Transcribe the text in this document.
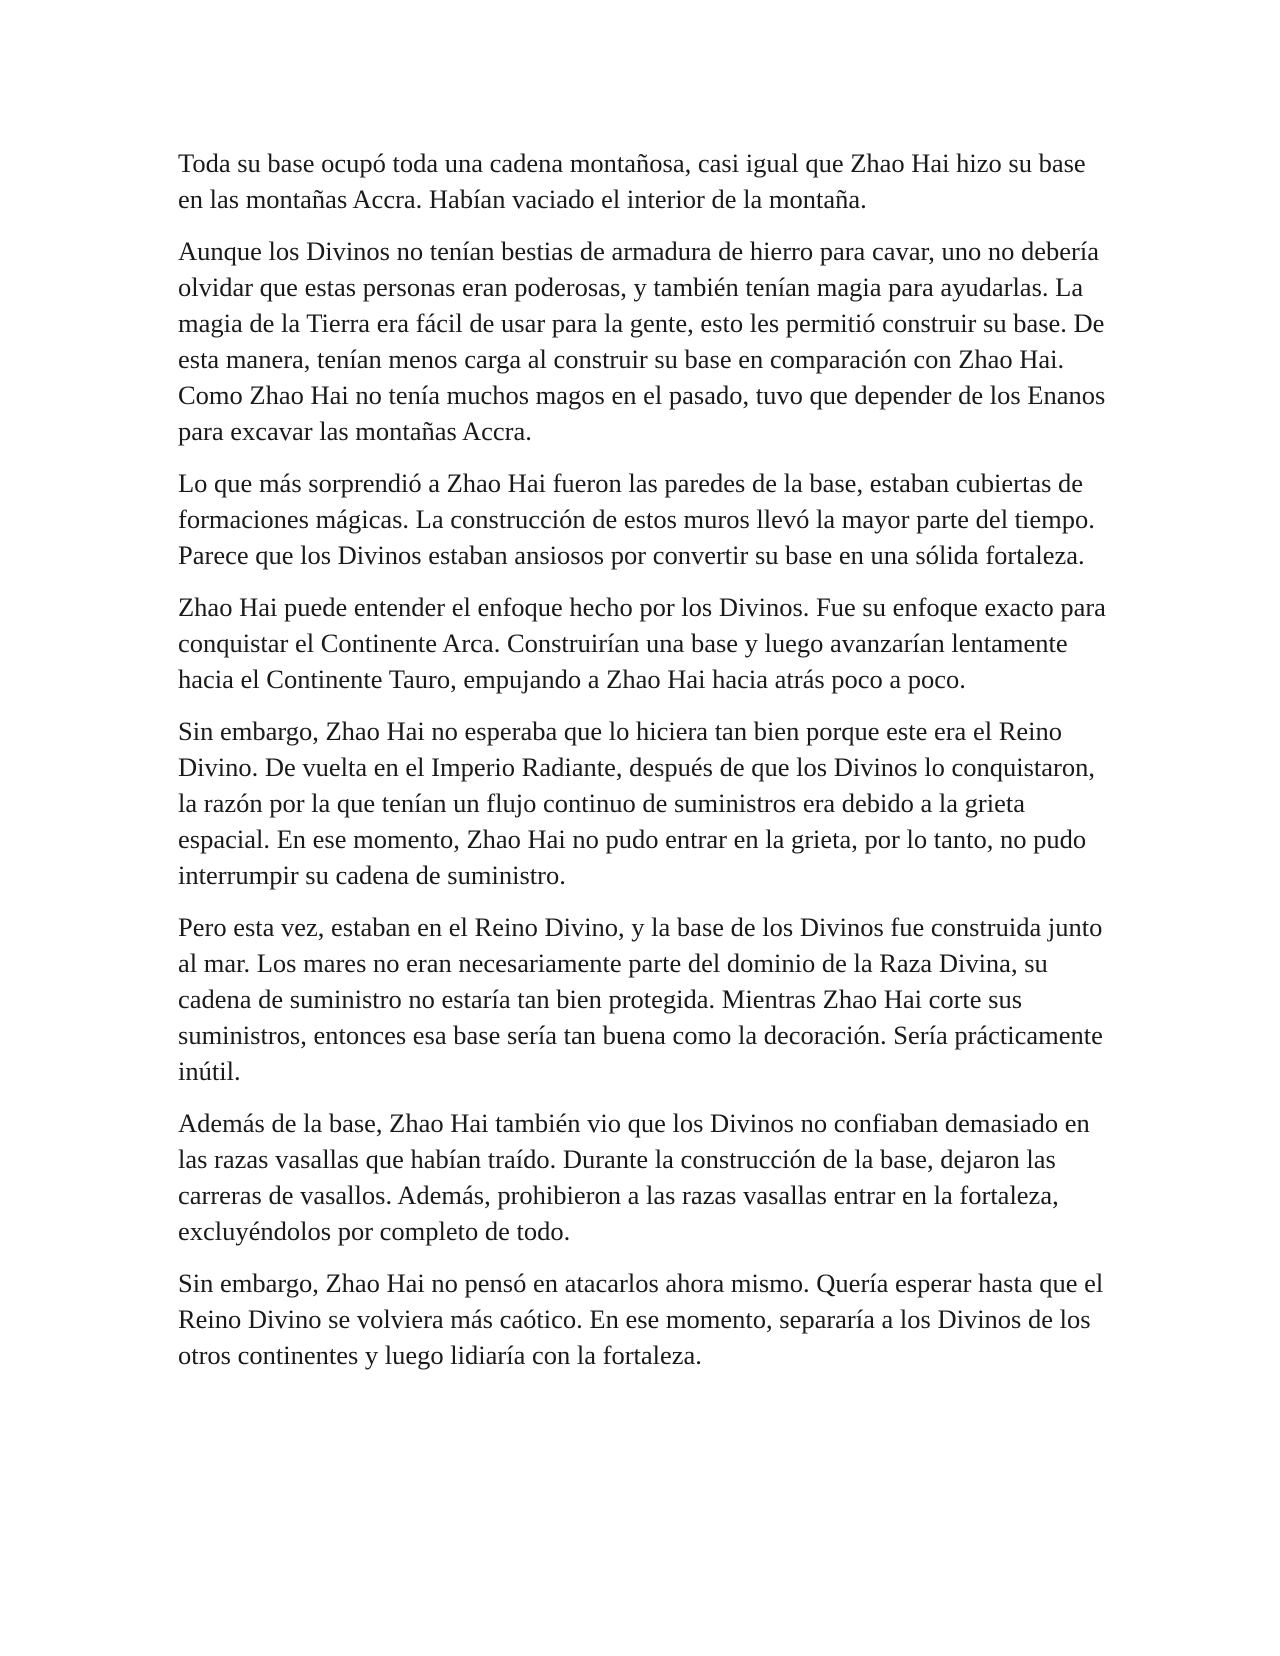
Toda su base ocupó toda una cadena montañosa, casi igual que Zhao Hai hizo su base en las montañas Accra. Habían vaciado el interior de la montaña.

Aunque los Divinos no tenían bestias de armadura de hierro para cavar, uno no debería olvidar que estas personas eran poderosas, y también tenían magia para ayudarlas. La magia de la Tierra era fácil de usar para la gente, esto les permitió construir su base. De esta manera, tenían menos carga al construir su base en comparación con Zhao Hai. Como Zhao Hai no tenía muchos magos en el pasado, tuvo que depender de los Enanos para excavar las montañas Accra.

Lo que más sorprendió a Zhao Hai fueron las paredes de la base, estaban cubiertas de formaciones mágicas. La construcción de estos muros llevó la mayor parte del tiempo. Parece que los Divinos estaban ansiosos por convertir su base en una sólida fortaleza.

Zhao Hai puede entender el enfoque hecho por los Divinos. Fue su enfoque exacto para conquistar el Continente Arca. Construirían una base y luego avanzarían lentamente hacia el Continente Tauro, empujando a Zhao Hai hacia atrás poco a poco.

Sin embargo, Zhao Hai no esperaba que lo hiciera tan bien porque este era el Reino Divino. De vuelta en el Imperio Radiante, después de que los Divinos lo conquistaron, la razón por la que tenían un flujo continuo de suministros era debido a la grieta espacial. En ese momento, Zhao Hai no pudo entrar en la grieta, por lo tanto, no pudo interrumpir su cadena de suministro.

Pero esta vez, estaban en el Reino Divino, y la base de los Divinos fue construida junto al mar. Los mares no eran necesariamente parte del dominio de la Raza Divina, su cadena de suministro no estaría tan bien protegida. Mientras Zhao Hai corte sus suministros, entonces esa base sería tan buena como la decoración. Sería prácticamente inútil.

Además de la base, Zhao Hai también vio que los Divinos no confiaban demasiado en las razas vasallas que habían traído. Durante la construcción de la base, dejaron las carreras de vasallos. Además, prohibieron a las razas vasallas entrar en la fortaleza, excluyéndolos por completo de todo.

Sin embargo, Zhao Hai no pensó en atacarlos ahora mismo. Quería esperar hasta que el Reino Divino se volviera más caótico. En ese momento, separaría a los Divinos de los otros continentes y luego lidiaría con la fortaleza.
